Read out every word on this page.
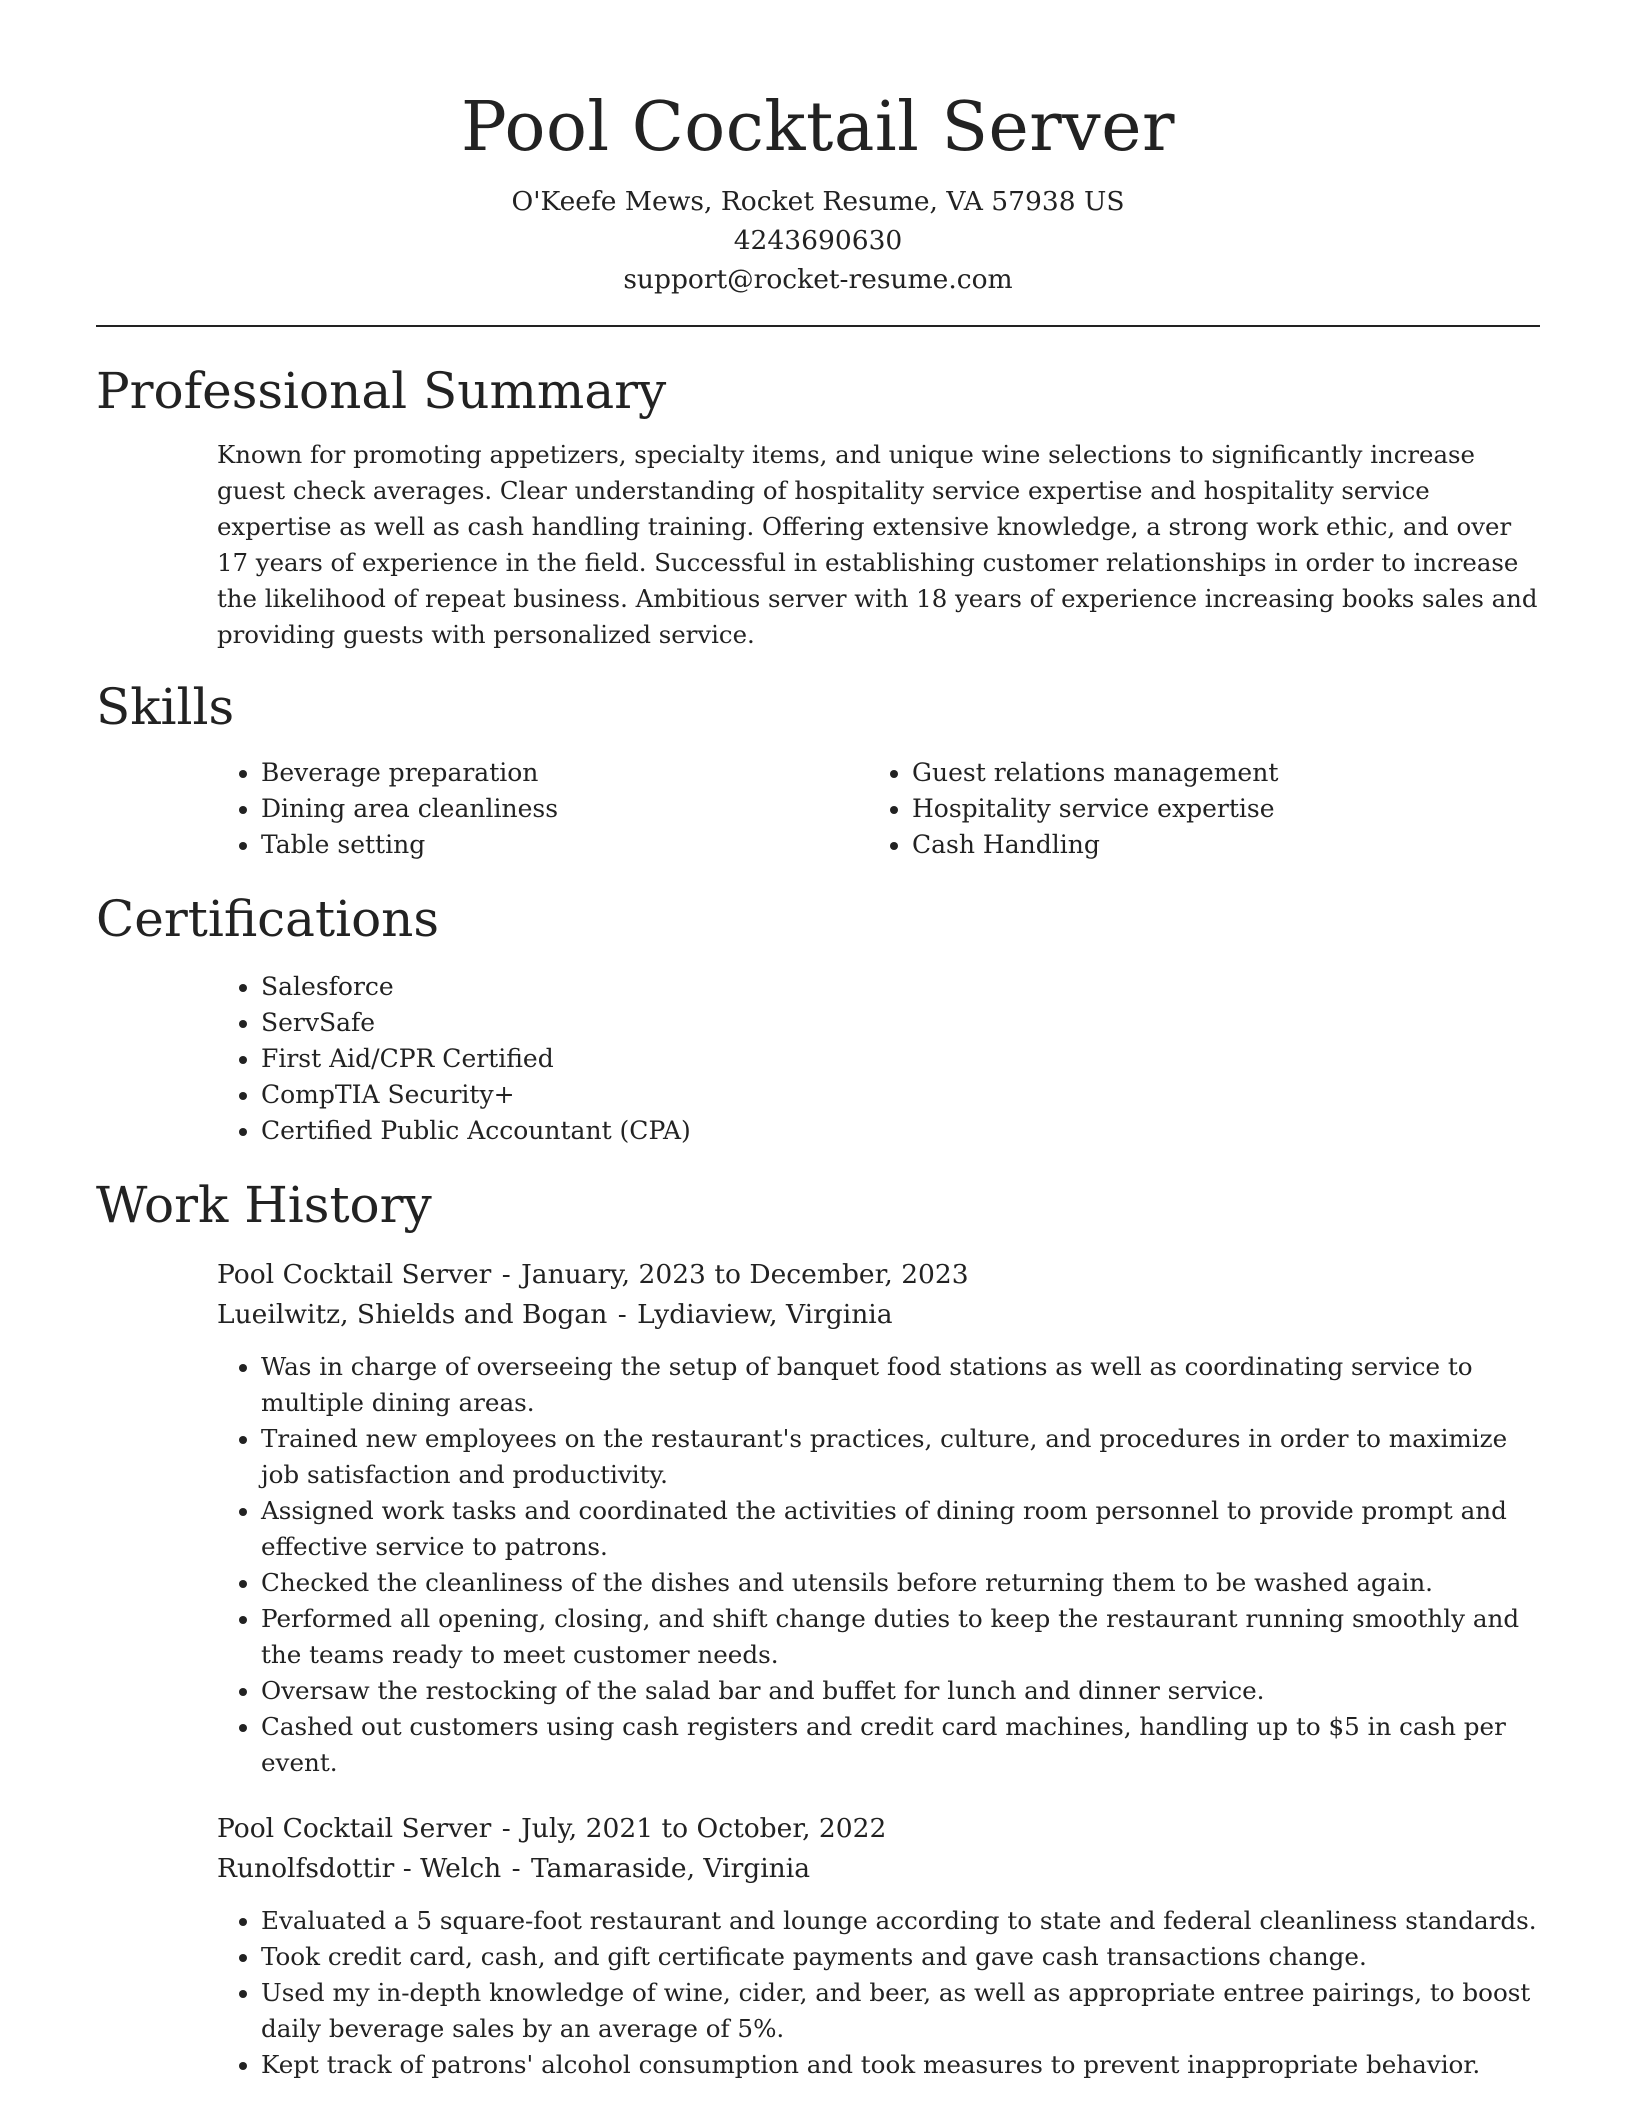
Pool Cocktail Server
O'Keefe Mews, Rocket Resume, VA 57938 US
4243690630
support@rocket-resume.com
Professional Summary

Known for promoting appetizers, specialty items, and unique wine selections to significantly increase guest check averages. Clear understanding of hospitality service expertise and hospitality service expertise as well as cash handling training. Offering extensive knowledge, a strong work ethic, and over 17 years of experience in the field. Successful in establishing customer relationships in order to increase the likelihood of repeat business. Ambitious server with 18 years of experience increasing books sales and providing guests with personalized service.

Skills
• Beverage preparation
• Dining area cleanliness
• Table setting
• Guest relations management
• Hospitality service expertise
• Cash Handling
Certifications
• Salesforce
• ServSafe
• First Aid/CPR Certified
• CompTIA Security+
• Certified Public Accountant (CPA)
Work History
Pool Cocktail Server - January, 2023 to December, 2023
Lueilwitz, Shields and Bogan - Lydiaview, Virginia
• Was in charge of overseeing the setup of banquet food stations as well as coordinating service to multiple dining areas.
• Trained new employees on the restaurant's practices, culture, and procedures in order to maximize job satisfaction and productivity.
• Assigned work tasks and coordinated the activities of dining room personnel to provide prompt and effective service to patrons.
• Checked the cleanliness of the dishes and utensils before returning them to be washed again.
• Performed all opening, closing, and shift change duties to keep the restaurant running smoothly and the teams ready to meet customer needs.
• Oversaw the restocking of the salad bar and buffet for lunch and dinner service.
• Cashed out customers using cash registers and credit card machines, handling up to $5 in cash per event.
Pool Cocktail Server - July, 2021 to October, 2022
Runolfsdottir - Welch - Tamaraside, Virginia
• Evaluated a 5 square-foot restaurant and lounge according to state and federal cleanliness standards.
• Took credit card, cash, and gift certificate payments and gave cash transactions change.
• Used my in-depth knowledge of wine, cider, and beer, as well as appropriate entree pairings, to boost daily beverage sales by an average of 5%.
• Kept track of patrons' alcohol consumption and took measures to prevent inappropriate behavior.
